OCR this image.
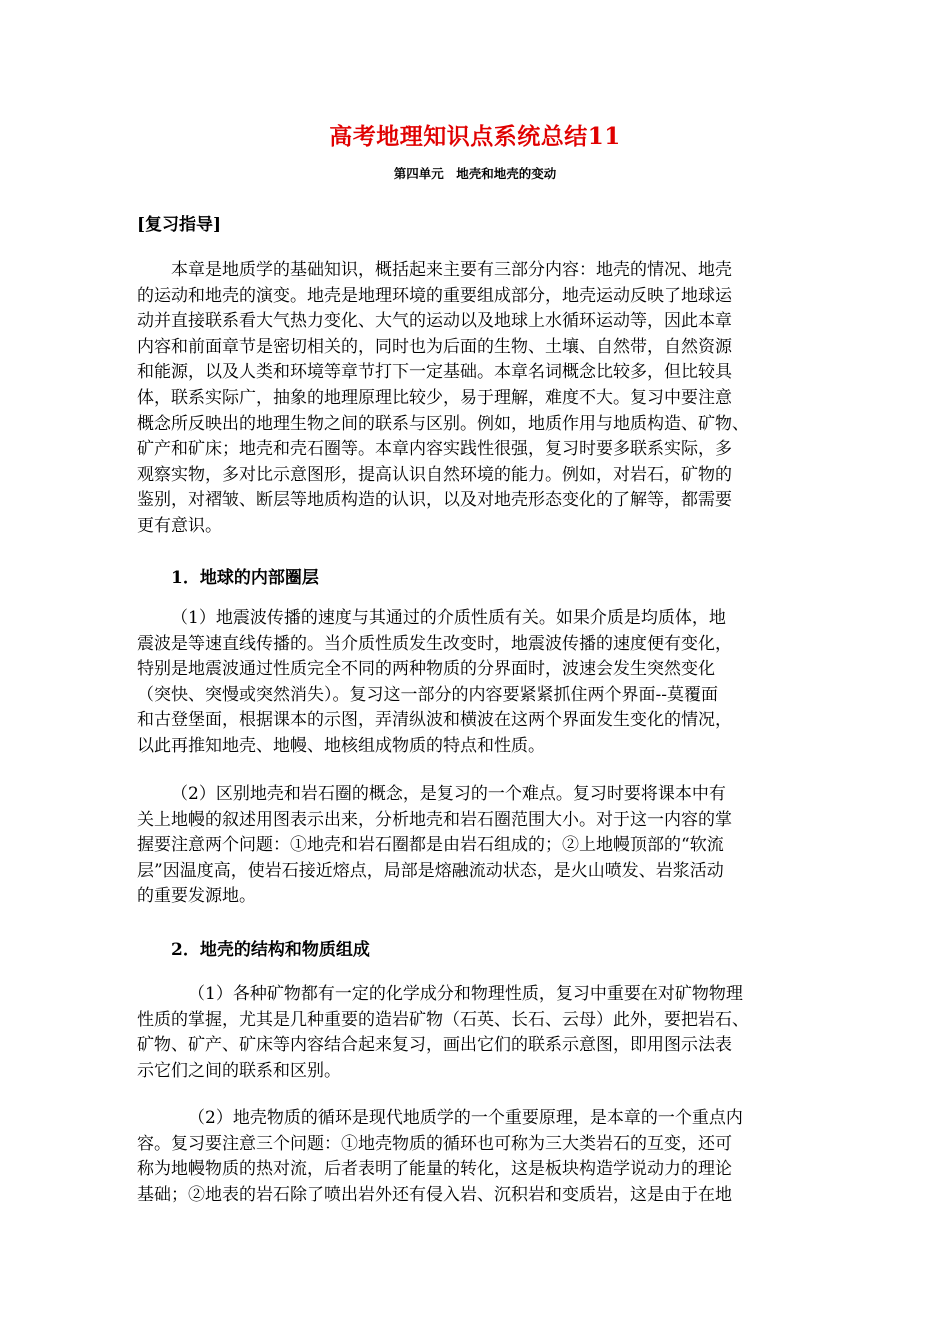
高考地理知识点系统总结11
第四单元　地壳和地壳的变动
[复习指导]
　　本章是地质学的基础知识，概括起来主要有三部分内容：地壳的情况、地壳
的运动和地壳的演变。地壳是地理环境的重要组成部分，地壳运动反映了地球运
动并直接联系看大气热力变化、大气的运动以及地球上水循环运动等，因此本章
内容和前面章节是密切相关的，同时也为后面的生物、土壤、自然带，自然资源
和能源，以及人类和环境等章节打下一定基础。本章名词概念比较多，但比较具
体，联系实际广，抽象的地理原理比较少，易于理解，难度不大。复习中要注意
概念所反映出的地理生物之间的联系与区别。例如，地质作用与地质构造、矿物、
矿产和矿床；地壳和壳石圈等。本章内容实践性很强，复习时要多联系实际，多
观察实物，多对比示意图形，提高认识自然环境的能力。例如，对岩石，矿物的
鉴别，对褶皱、断层等地质构造的认识，以及对地壳形态变化的了解等，都需要
更有意识。
1．地球的内部圈层
（1）地震波传播的速度与其通过的介质性质有关。如果介质是均质体，地
震波是等速直线传播的。当介质性质发生改变时，地震波传播的速度便有变化，
特别是地震波通过性质完全不同的两种物质的分界面时，波速会发生突然变化
（突快、突慢或突然消失）。复习这一部分的内容要紧紧抓住两个界面--莫覆面
和古登堡面，根据课本的示图，弄清纵波和横波在这两个界面发生变化的情况，
以此再推知地壳、地幔、地核组成物质的特点和性质。
（2）区别地壳和岩石圈的概念，是复习的一个难点。复习时要将课本中有
关上地幔的叙述用图表示出来，分析地壳和岩石圈范围大小。对于这一内容的掌
握要注意两个问题：①地壳和岩石圈都是由岩石组成的；②上地幔顶部的“软流
层”因温度高，使岩石接近熔点，局部是熔融流动状态，是火山喷发、岩浆活动
的重要发源地。
2．地壳的结构和物质组成
（1）各种矿物都有一定的化学成分和物理性质，复习中重要在对矿物物理
性质的掌握，尤其是几种重要的造岩矿物（石英、长石、云母）此外，要把岩石、
矿物、矿产、矿床等内容结合起来复习，画出它们的联系示意图，即用图示法表
示它们之间的联系和区别。
（2）地壳物质的循环是现代地质学的一个重要原理，是本章的一个重点内
容。复习要注意三个问题：①地壳物质的循环也可称为三大类岩石的互变，还可
称为地幔物质的热对流，后者表明了能量的转化，这是板块构造学说动力的理论
基础；②地表的岩石除了喷出岩外还有侵入岩、沉积岩和变质岩，这是由于在地
